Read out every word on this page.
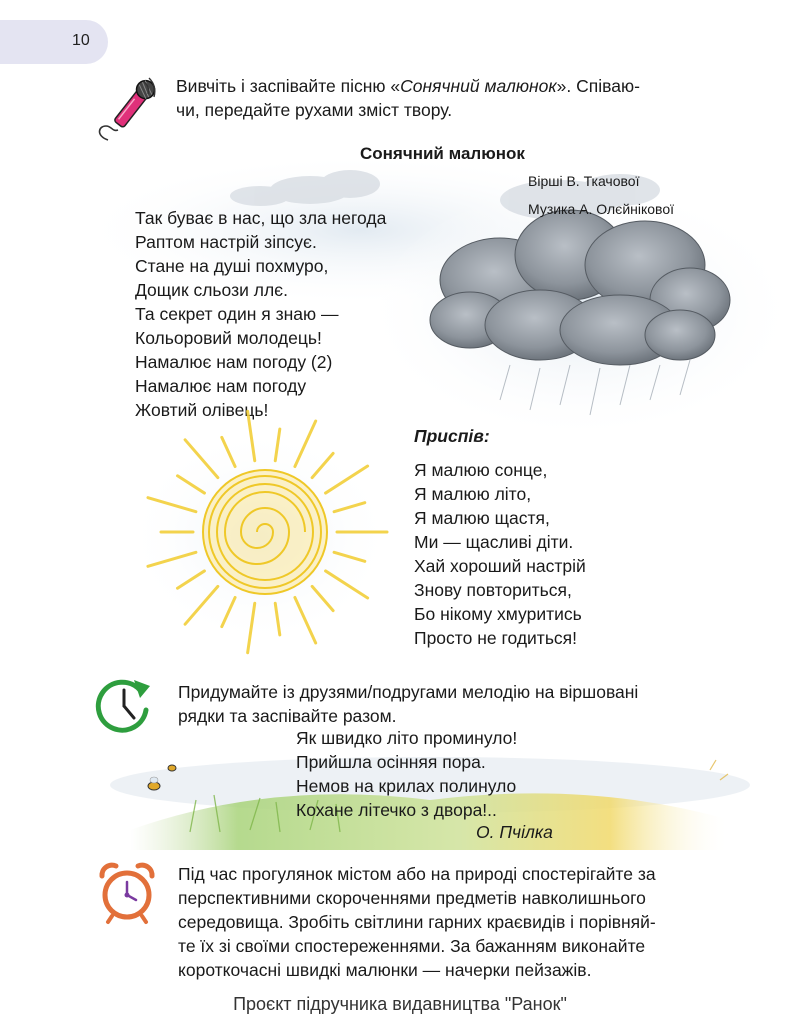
10
Вивчіть і заспівайте пісню «Сонячний малюнок». Співаю-
чи, передайте рухами зміст твору.
Сонячний малюнок
Вірші В. Ткачової
Музика А. Олєйнікової
Так буває в нас, що зла негода
Раптом настрій зіпсує.
Стане на душі похмуро,
Дощик сльози ллє.
Та секрет один я знаю —
Кольоровий молодець!
Намалює нам погоду (2)
Намалює нам погоду
Жовтий олівець!
Приспів:
Я малюю сонце,
Я малюю літо,
Я малюю щастя,
Ми — щасливі діти.
Хай хороший настрій
Знову повториться,
Бо нікому хмуритись
Просто не годиться!
Придумайте із друзями/подругами мелодію на віршовані
рядки та заспівайте разом.
Як швидко літо проминуло!
Прийшла осінняя пора.
Немов на крилах полинуло
Кохане літечко з двора!..
О. Пчілка
Під час прогулянок містом або на природі спостерігайте за
перспективними скороченнями предметів навколишнього
середовища. Зробіть світлини гарних краєвидів і порівняй-
те їх зі своїми спостереженнями. За бажанням виконайте
короткочасні швидкі малюнки — начерки пейзажів.
Проєкт підручника видавництва "Ранок"
